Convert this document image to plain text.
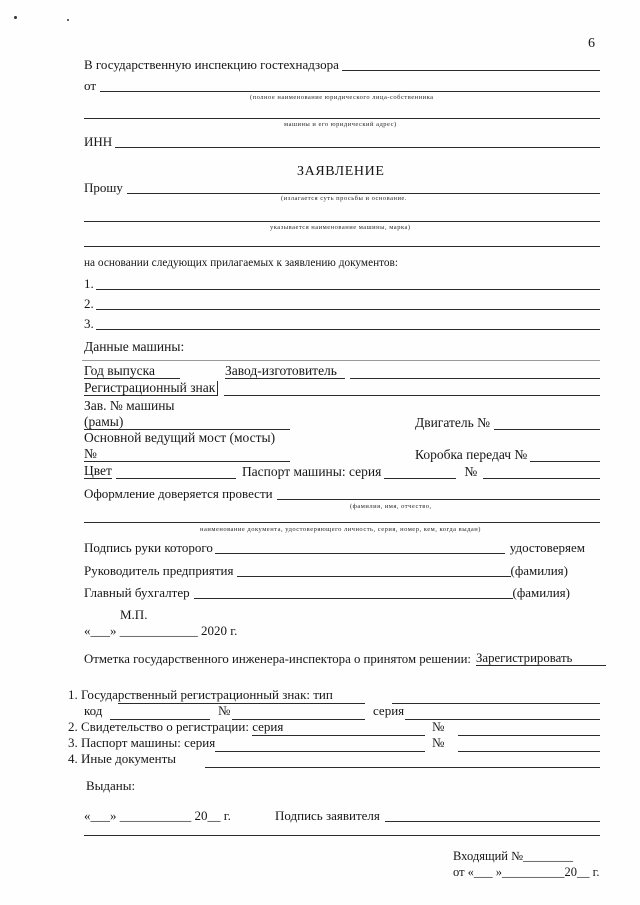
6
В государственную инспекцию гостехнадзора
от
(полное наименование юридического лица-собственника
машины и его юридический адрес)
ИНН
ЗАЯВЛЕНИЕ
Прошу
(излагается суть просьбы и основание.
указывается наименование машины, марка)
на основании следующих прилагаемых к заявлению документов:
1.
2.
3.
Данные машины:
Год выпуска	Завод-изготовитель
Регистрационный знак
Зав. № машины
(рамы)	Двигатель №
Основной ведущий мост (мосты)
№	Коробка передач №
Цвет	Паспорт машины: серия	№
Оформление доверяется провести
(фамилия, имя, отчество,
наименование документа, удостоверяющего личность, серия, номер, кем, когда выдан)
Подпись руки которого	удостоверяем
Руководитель предприятия	(фамилия)
Главный бухгалтер	(фамилия)
М.П.
«___» ____________ 2020 г.
Отметка государственного инженера-инспектора о принятом решении: Зарегистрировать
1. Государственный регистрационный знак: тип
код	№	серия
2. Свидетельство о регистрации: серия	№
3. Паспорт машины: серия	№
4. Иные документы
Выданы:
«___» ___________ 20__ г.	Подпись заявителя
Входящий №________
от «___ »__________20__ г.
